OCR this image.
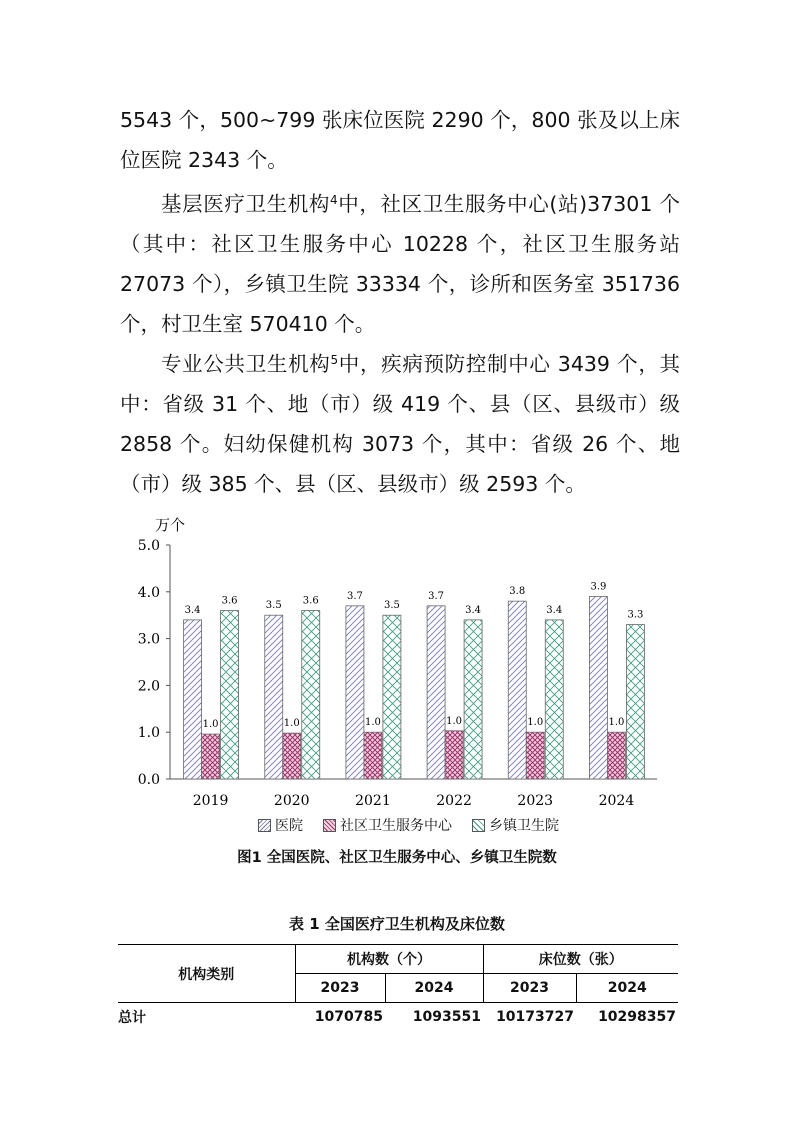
5543 个，500~799 张床位医院 2290 个，800 张及以上床位医院 2343 个。

基层医疗卫生机构$^4$中，社区卫生服务中心(站)37301 个（其中：社区卫生服务中心 10228 个，社区卫生服务站 27073 个），乡镇卫生院 33334 个，诊所和医务室 351736 个，村卫生室 570410 个。

专业公共卫生机构$^5$中，疾病预防控制中心 3439 个，其中：省级 31 个、地（市）级 419 个、县（区、县级市）级 2858 个。妇幼保健机构 3073 个，其中：省级 26 个、地（市）级 385 个、县（区、县级市）级 2593 个。

万个
0.0
1.0
2.0
3.0
4.0
5.0
2019	2020	2021	2022	2023	2024
3.4
1.0
3.6	3.5
1.0
3.6	3.7
1.0
3.5
3.7
1.0
3.4
3.8
1.0
3.4
3.9
1.0
3.3
医院	社区卫生服务中心	乡镇卫生院
图1 全国医院、社区卫生服务中心、乡镇卫生院数
表 1 全国医疗卫生机构及床位数
机构类别	机构数（个）		床位数（张）	
	2023	2024	2023	2024
总计	1070785	1093551	10173727	10298357
